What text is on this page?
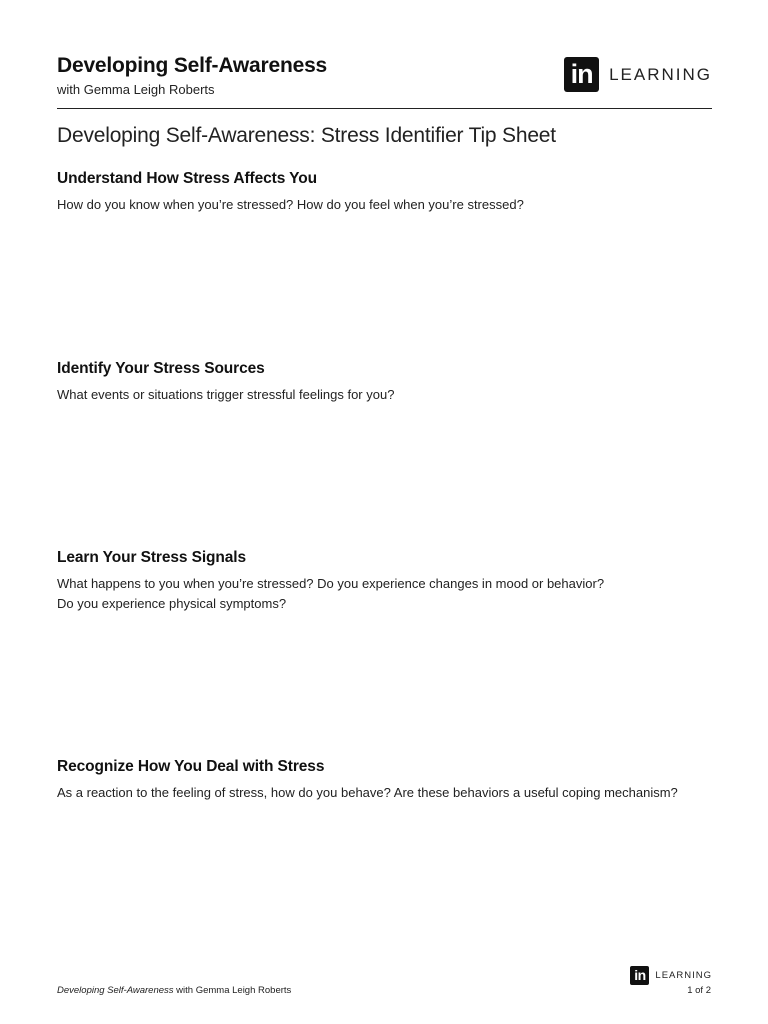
Developing Self-Awareness
with Gemma Leigh Roberts
in LEARNING
Developing Self-Awareness: Stress Identifier Tip Sheet
Understand How Stress Affects You

How do you know when you’re stressed? How do you feel when you’re stressed?

Identify Your Stress Sources

What events or situations trigger stressful feelings for you?

Learn Your Stress Signals

What happens to you when you’re stressed? Do you experience changes in mood or behavior?
Do you experience physical symptoms?

Recognize How You Deal with Stress

As a reaction to the feeling of stress, how do you behave? Are these behaviors a useful coping mechanism?

Developing Self-Awareness with Gemma Leigh Roberts
in	LEARNING
1 of 2
